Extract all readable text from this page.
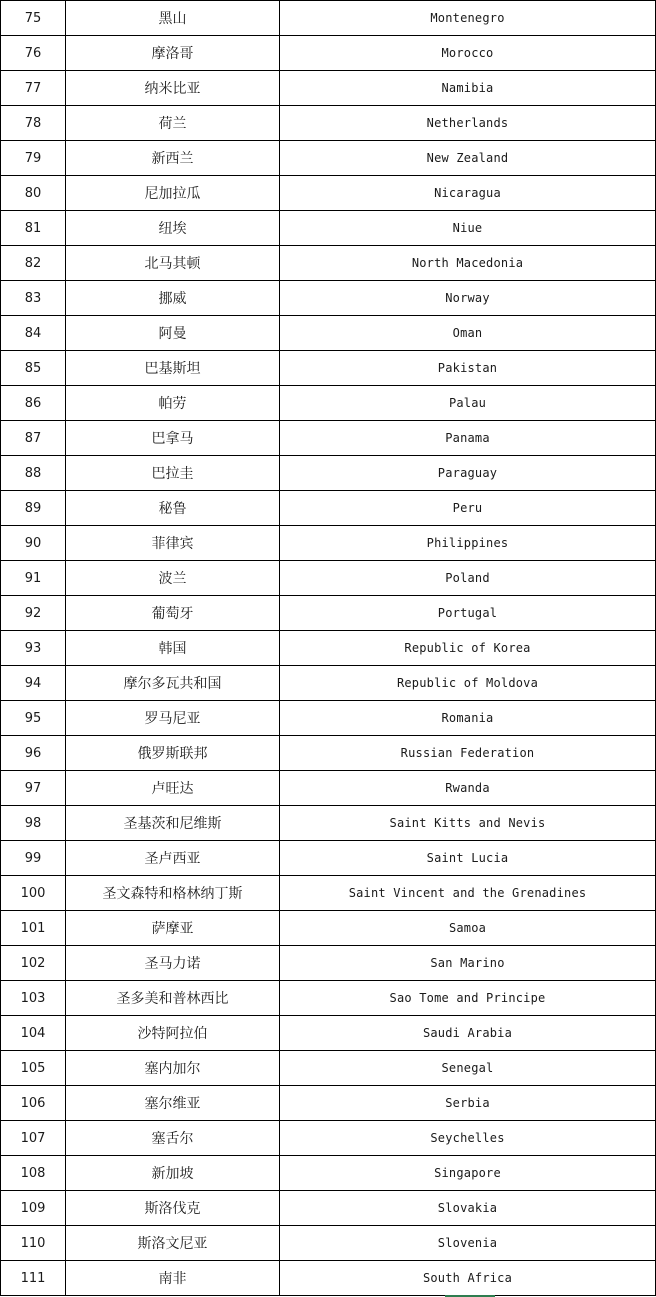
75	黑山	Montenegro
76	摩洛哥	Morocco
77	纳米比亚	Namibia
78	荷兰	Netherlands
79	新西兰	New Zealand
80	尼加拉瓜	Nicaragua
81	纽埃	Niue
82	北马其顿	North Macedonia
83	挪威	Norway
84	阿曼	Oman
85	巴基斯坦	Pakistan
86	帕劳	Palau
87	巴拿马	Panama
88	巴拉圭	Paraguay
89	秘鲁	Peru
90	菲律宾	Philippines
91	波兰	Poland
92	葡萄牙	Portugal
93	韩国	Republic of Korea
94	摩尔多瓦共和国	Republic of Moldova
95	罗马尼亚	Romania
96	俄罗斯联邦	Russian Federation
97	卢旺达	Rwanda
98	圣基茨和尼维斯	Saint Kitts and Nevis
99	圣卢西亚	Saint Lucia
100	圣文森特和格林纳丁斯	Saint Vincent and the Grenadines
101	萨摩亚	Samoa
102	圣马力诺	San Marino
103	圣多美和普林西比	Sao Tome and Principe
104	沙特阿拉伯	Saudi Arabia
105	塞内加尔	Senegal
106	塞尔维亚	Serbia
107	塞舌尔	Seychelles
108	新加坡	Singapore
109	斯洛伐克	Slovakia
110	斯洛文尼亚	Slovenia
111	南非	South Africa
